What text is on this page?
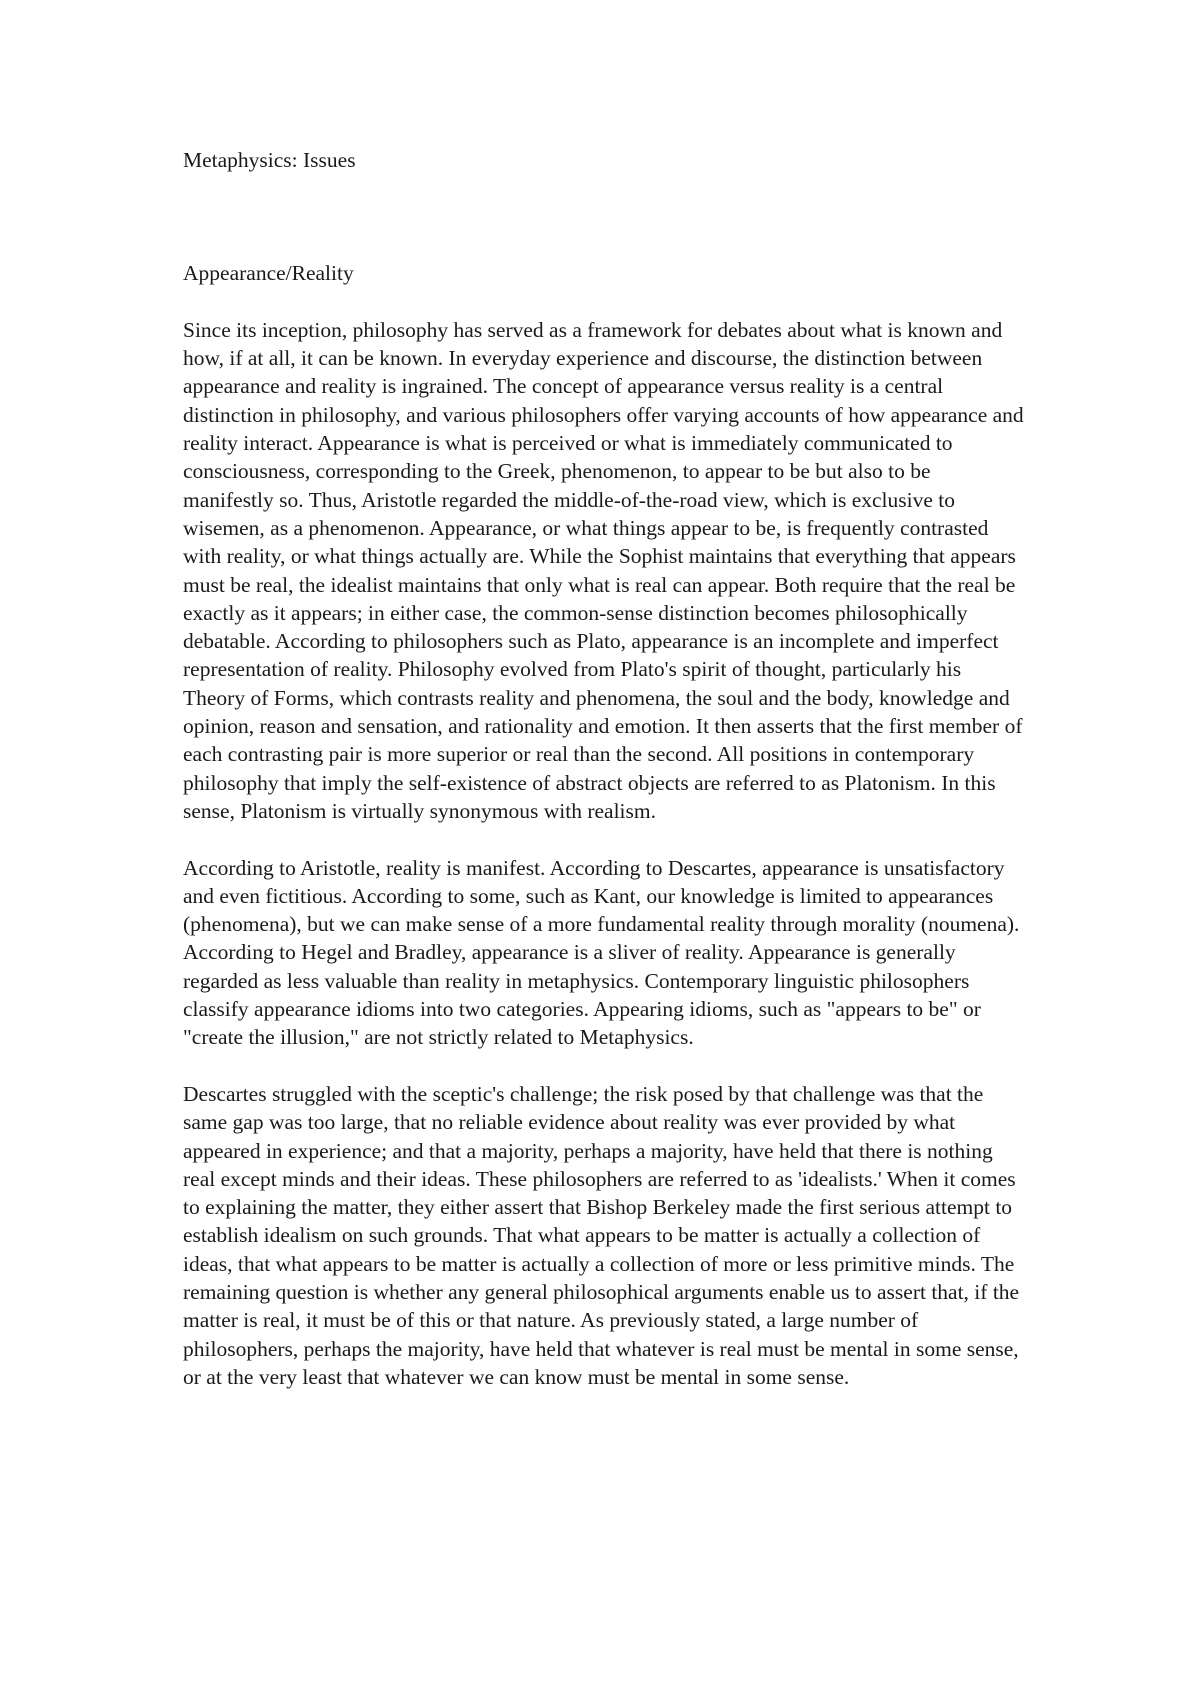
Metaphysics: Issues
Appearance/Reality

Since its inception, philosophy has served as a framework for debates about what is known and how, if at all, it can be known. In everyday experience and discourse, the distinction between appearance and reality is ingrained. The concept of appearance versus reality is a central distinction in philosophy, and various philosophers offer varying accounts of how appearance and reality interact. Appearance is what is perceived or what is immediately communicated to consciousness, corresponding to the Greek, phenomenon, to appear to be but also to be manifestly so. Thus, Aristotle regarded the middle-of-the-road view, which is exclusive to wisemen, as a phenomenon. Appearance, or what things appear to be, is frequently contrasted with reality, or what things actually are. While the Sophist maintains that everything that appears must be real, the idealist maintains that only what is real can appear. Both require that the real be exactly as it appears; in either case, the common-sense distinction becomes philosophically debatable. According to philosophers such as Plato, appearance is an incomplete and imperfect representation of reality. Philosophy evolved from Plato's spirit of thought, particularly his Theory of Forms, which contrasts reality and phenomena, the soul and the body, knowledge and opinion, reason and sensation, and rationality and emotion. It then asserts that the first member of each contrasting pair is more superior or real than the second. All positions in contemporary philosophy that imply the self-existence of abstract objects are referred to as Platonism. In this sense, Platonism is virtually synonymous with realism.

According to Aristotle, reality is manifest. According to Descartes, appearance is unsatisfactory and even fictitious. According to some, such as Kant, our knowledge is limited to appearances (phenomena), but we can make sense of a more fundamental reality through morality (noumena). According to Hegel and Bradley, appearance is a sliver of reality. Appearance is generally regarded as less valuable than reality in metaphysics. Contemporary linguistic philosophers classify appearance idioms into two categories. Appearing idioms, such as "appears to be" or "create the illusion," are not strictly related to Metaphysics.

Descartes struggled with the sceptic's challenge; the risk posed by that challenge was that the same gap was too large, that no reliable evidence about reality was ever provided by what appeared in experience; and that a majority, perhaps a majority, have held that there is nothing real except minds and their ideas. These philosophers are referred to as 'idealists.' When it comes to explaining the matter, they either assert that Bishop Berkeley made the first serious attempt to establish idealism on such grounds. That what appears to be matter is actually a collection of ideas, that what appears to be matter is actually a collection of more or less primitive minds. The remaining question is whether any general philosophical arguments enable us to assert that, if the matter is real, it must be of this or that nature. As previously stated, a large number of philosophers, perhaps the majority, have held that whatever is real must be mental in some sense, or at the very least that whatever we can know must be mental in some sense.
